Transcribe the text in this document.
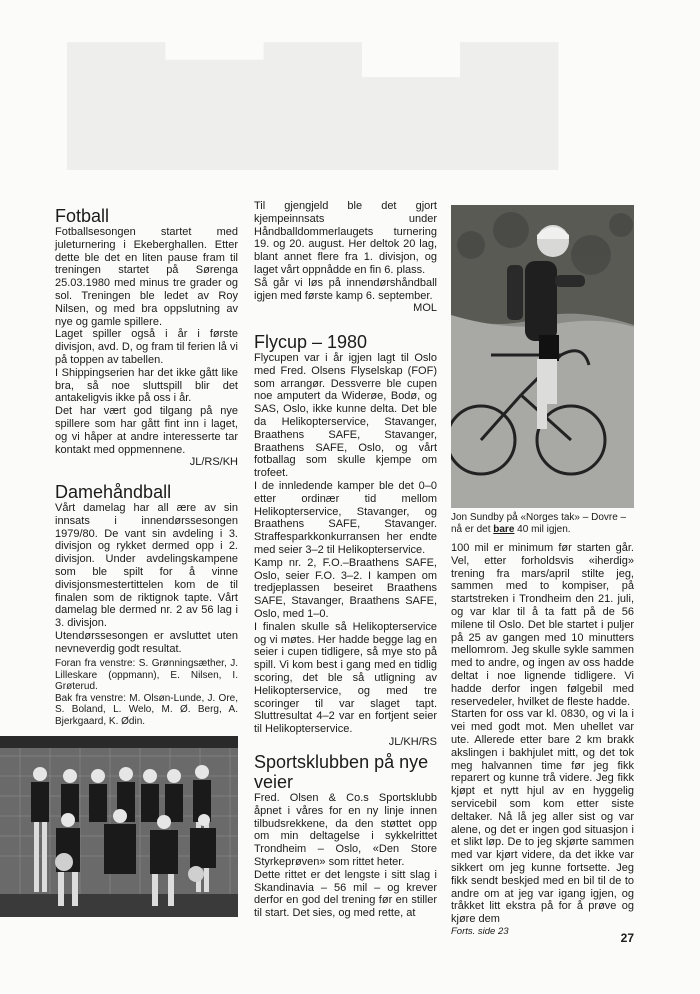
▇▆▇▅▇
Fotball

Fotballsesongen startet med juleturnering i Ekeberghallen. Etter dette ble det en liten pause fram til treningen startet på Sørenga 25.03.1980 med minus tre grader og sol. Treningen ble ledet av Roy Nilsen, og med bra oppslutning av nye og gamle spillere.

Laget spiller også i år i første divisjon, avd. D, og fram til ferien lå vi på toppen av tabellen.

I Shippingserien har det ikke gått like bra, så noe sluttspill blir det antakeligvis ikke på oss i år.

Det har vært god tilgang på nye spillere som har gått fint inn i laget, og vi håper at andre interesserte tar kontakt med oppmennene.

JL/RS/KH

Damehåndball

Vårt damelag har all ære av sin innsats i innendørssesongen 1979/80. De vant sin avdeling i 3. divisjon og rykket dermed opp i 2. divisjon. Under avdelingskampene som ble spilt for å vinne divisjonsmestertittelen kom de til finalen som de riktignok tapte. Vårt damelag ble dermed nr. 2 av 56 lag i 3. divisjon.

Utendørssesongen er avsluttet uten nevneverdig godt resultat.

Foran fra venstre: S. Grønningsæther, J. Lilleskare (oppmann), E. Nilsen, I. Grøterud.

Bak fra venstre: M. Olsøn-Lunde, J. Ore, S. Boland, L. Welo, M. Ø. Berg, A. Bjerkgaard, K. Ødin.

Til gjengjeld ble det gjort kjempeinnsats under Håndballdommerlaugets turnering 19. og 20. august. Her deltok 20 lag, blant annet flere fra 1. divisjon, og laget vårt oppnådde en fin 6. plass.

Så går vi løs på innendørshåndball igjen med første kamp 6. september.

MOL

Flycup – 1980

Flycupen var i år igjen lagt til Oslo med Fred. Olsens Flyselskap (FOF) som arrangør. Dessverre ble cupen noe amputert da Widerøe, Bodø, og SAS, Oslo, ikke kunne delta. Det ble da Helikopterservice, Stavanger, Braathens SAFE, Stavanger, Braathens SAFE, Oslo, og vårt fotballag som skulle kjempe om trofeet.

I de innledende kamper ble det 0–0 etter ordinær tid mellom Helikopterservice, Stavanger, og Braathens SAFE, Stavanger. Straffesparkkonkurransen her endte med seier 3–2 til Helikopterservice.

Kamp nr. 2, F.O.–Braathens SAFE, Oslo, seier F.O. 3–2. I kampen om tredjeplassen beseiret Braathens SAFE, Stavanger, Braathens SAFE, Oslo, med 1–0.

I finalen skulle så Helikopterservice og vi møtes. Her hadde begge lag en seier i cupen tidligere, så mye sto på spill. Vi kom best i gang med en tidlig scoring, det ble så utligning av Helikopterservice, og med tre scoringer til var slaget tapt. Sluttresultat 4–2 var en fortjent seier til Helikopterservice.

JL/KH/RS

Sportsklubben på nye veier

Fred. Olsen & Co.s Sportsklubb åpnet i våres for en ny linje innen tilbudsrekkene, da den støttet opp om min deltagelse i sykkelrittet Trondheim – Oslo, «Den Store Styrkeprøven» som rittet heter.

Dette rittet er det lengste i sitt slag i Skandinavia – 56 mil – og krever derfor en god del trening før en stiller til start. Det sies, og med rette, at

Jon Sundby på «Norges tak» – Dovre –

nå er det bare 40 mil igjen.

100 mil er minimum før starten går. Vel, etter forholdsvis «iherdig» trening fra mars/april stilte jeg, sammen med to kompiser, på startstreken i Trondheim den 21. juli, og var klar til å ta fatt på de 56 milene til Oslo. Det ble startet i puljer på 25 av gangen med 10 minutters mellomrom. Jeg skulle sykle sammen med to andre, og ingen av oss hadde deltat i noe lignende tidligere. Vi hadde derfor ingen følgebil med reservedeler, hvilket de fleste hadde.

Starten for oss var kl. 0830, og vi la i vei med godt mot. Men uhellet var ute. Allerede etter bare 2 km brakk akslingen i bakhjulet mitt, og det tok meg halvannen time før jeg fikk reparert og kunne trå videre. Jeg fikk kjøpt et nytt hjul av en hyggelig servicebil som kom etter siste deltaker. Nå lå jeg aller sist og var alene, og det er ingen god situasjon i et slikt løp. De to jeg skjørte sammen med var kjørt videre, da det ikke var sikkert om jeg kunne fortsette. Jeg fikk sendt beskjed med en bil til de to andre om at jeg var igang igjen, og tråkket litt ekstra på for å prøve og kjøre dem

Forts. side 23	27
